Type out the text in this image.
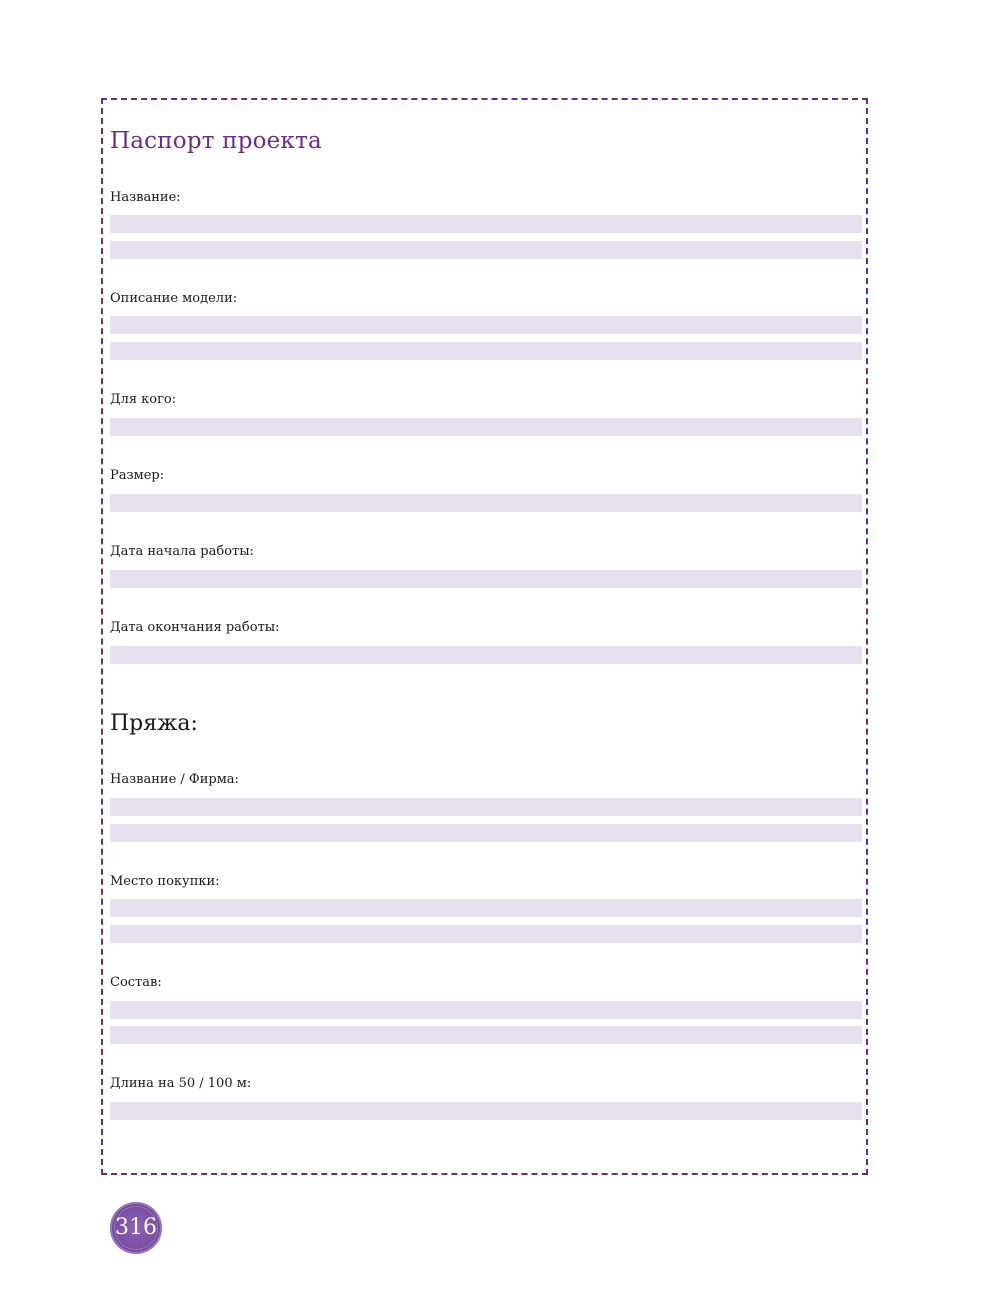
Паспорт проекта
Название:
Описание модели:
Для кого:
Размер:
Дата начала работы:
Дата окончания работы:
Пряжа:
Название / Фирма:
Место покупки:
Состав:
Длина на 50 / 100 м:
316
